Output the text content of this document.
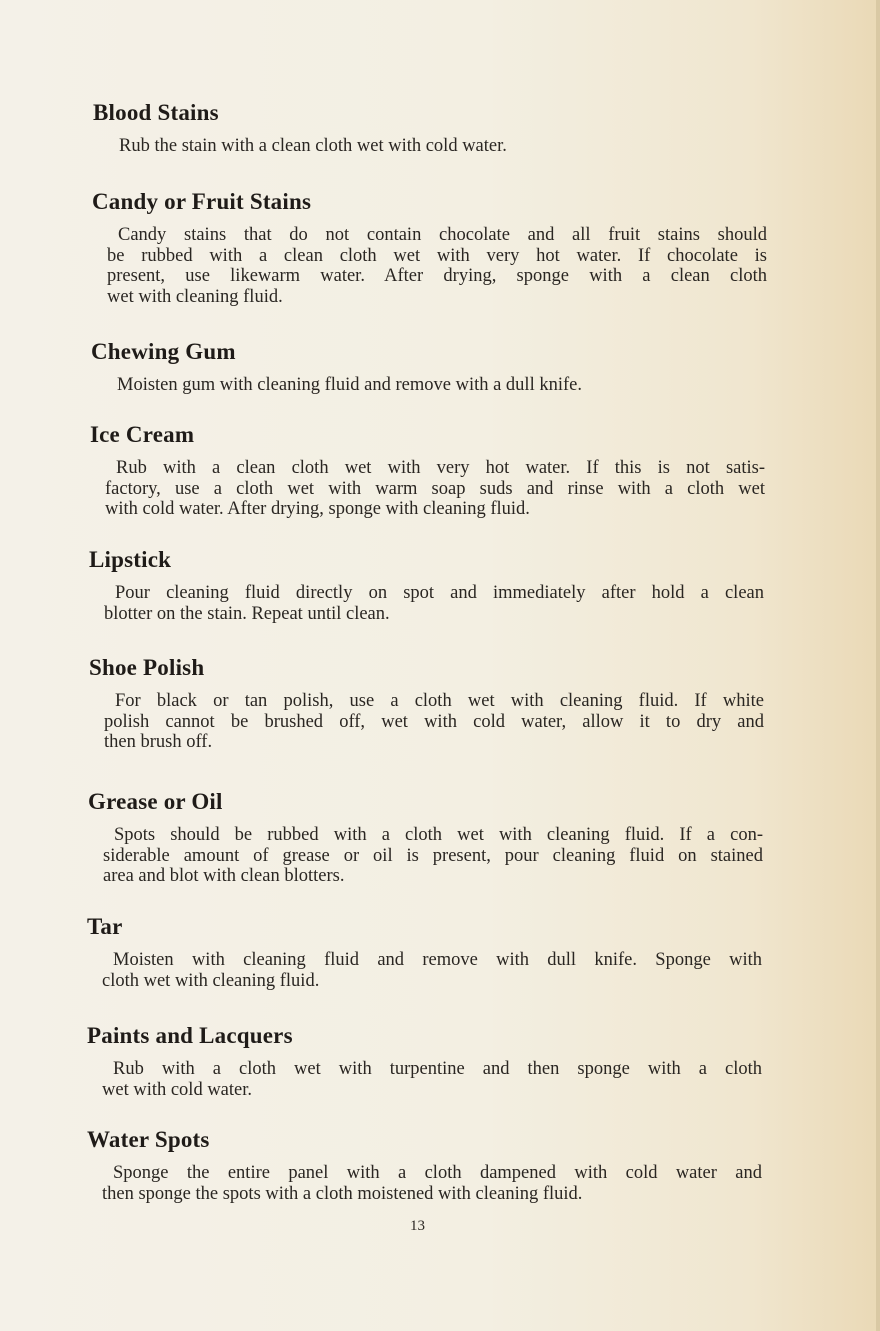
Blood Stains
Rub the stain with a clean cloth wet with cold water.
Candy or Fruit Stains
Candy stains that do not contain chocolate and all fruit stains should
be rubbed with a clean cloth wet with very hot water. If chocolate is
present, use likewarm water. After drying, sponge with a clean cloth
wet with cleaning fluid.
Chewing Gum
Moisten gum with cleaning fluid and remove with a dull knife.
Ice Cream
Rub with a clean cloth wet with very hot water. If this is not satis-
factory, use a cloth wet with warm soap suds and rinse with a cloth wet
with cold water. After drying, sponge with cleaning fluid.
Lipstick
Pour cleaning fluid directly on spot and immediately after hold a clean
blotter on the stain. Repeat until clean.
Shoe Polish
For black or tan polish, use a cloth wet with cleaning fluid. If white
polish cannot be brushed off, wet with cold water, allow it to dry and
then brush off.
Grease or Oil
Spots should be rubbed with a cloth wet with cleaning fluid. If a con-
siderable amount of grease or oil is present, pour cleaning fluid on stained
area and blot with clean blotters.
Tar
Moisten with cleaning fluid and remove with dull knife. Sponge with
cloth wet with cleaning fluid.
Paints and Lacquers
Rub with a cloth wet with turpentine and then sponge with a cloth
wet with cold water.
Water Spots
Sponge the entire panel with a cloth dampened with cold water and
then sponge the spots with a cloth moistened with cleaning fluid.
13
